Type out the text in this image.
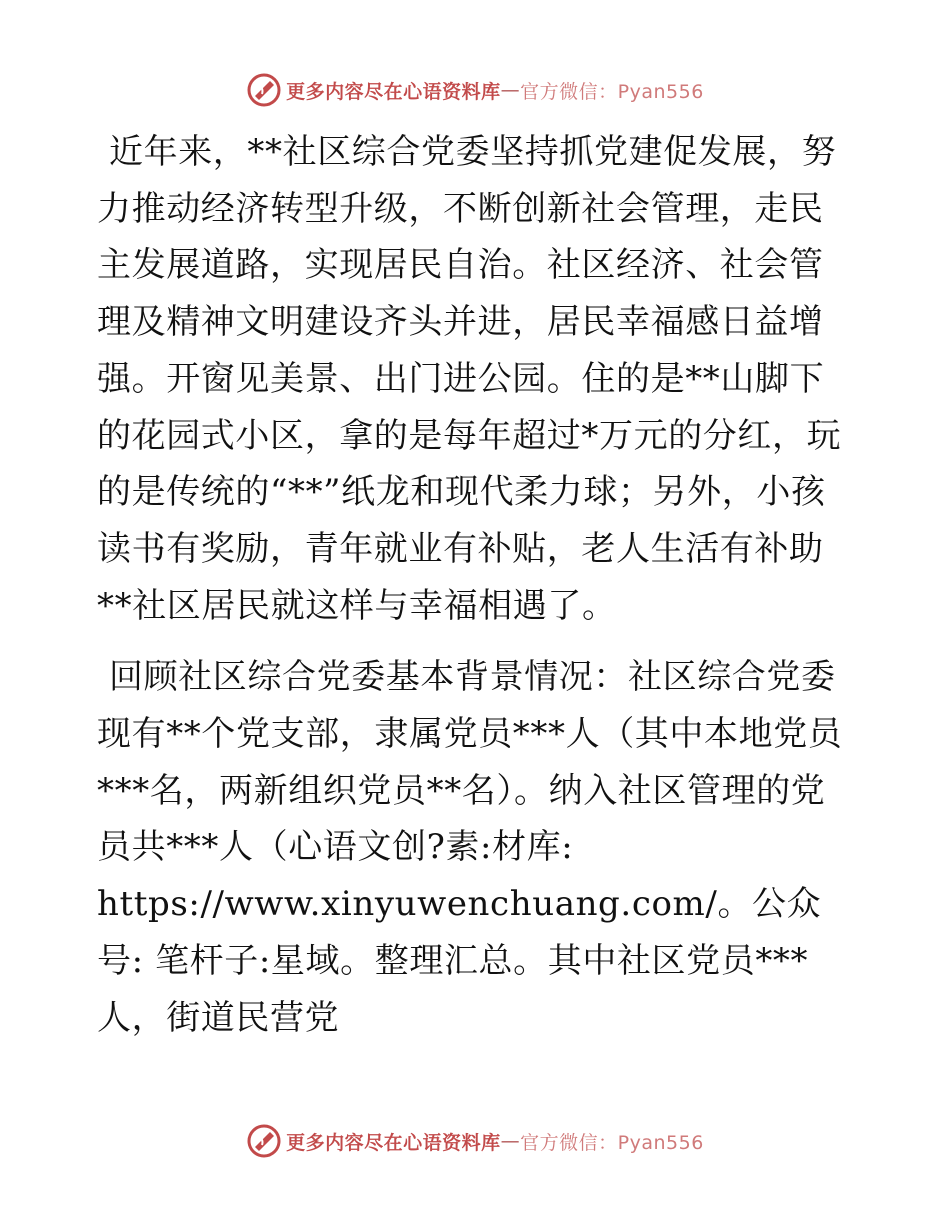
更多内容尽在心语资料库 — 官方微信：Pyan556

近年来，**社区综合党委坚持抓党建促发展，努力推动经济转型升级，不断创新社会管理，走民主发展道路，实现居民自治。社区经济、社会管理及精神文明建设齐头并进，居民幸福感日益增强。开窗见美景、出门进公园。住的是**山脚下的花园式小区，拿的是每年超过*万元的分红，玩的是传统的“**”纸龙和现代柔力球；另外，小孩读书有奖励，青年就业有补贴，老人生活有补助**社区居民就这样与幸福相遇了。

回顾社区综合党委基本背景情况：社区综合党委现有**个党支部，隶属党员***人（其中本地党员***名，两新组织党员**名）。纳入社区管理的党员共***人（心语文创?素:材库: https://www.xinyuwenchuang.com/。公众号: 笔杆子:星域。整理汇总。其中社区党员***人，街道民营党

更多内容尽在心语资料库 — 官方微信：Pyan556
